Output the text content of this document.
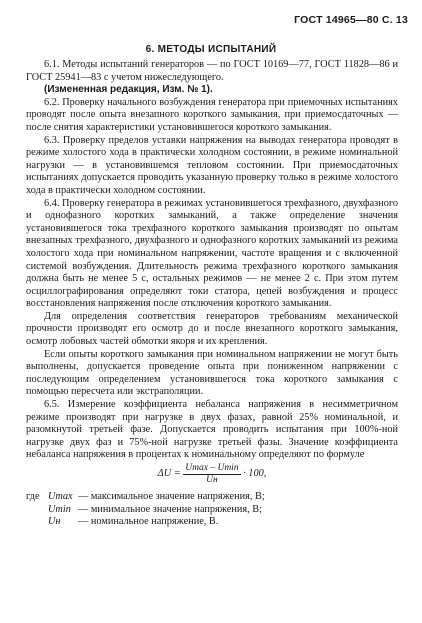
ГОСТ 14965—80 С. 13
6. МЕТОДЫ ИСПЫТАНИЙ

6.1. Методы испытаний генераторов — по ГОСТ 10169—77, ГОСТ 11828—86 и ГОСТ 25941—83 с учетом нижеследующего.

(Измененная редакция, Изм. № 1).

6.2. Проверку начального возбуждения генератора при приемочных испытаниях проводят после опыта внезапного короткого замыкания, при приемосдаточных — после снятия характеристики установившегося короткого замыкания.

6.3. Проверку пределов уставки напряжения на выводах генератора проводят в режиме холостого хода в практически холодном состоянии, в режиме номинальной нагрузки — в установившемся тепловом состоянии. При приемосдаточных испытаниях допускается проводить указанную проверку только в режиме холостого хода в практически холодном состоянии.

6.4. Проверку генератора в режимах установившегося трехфазного, двухфазного и однофазного коротких замыканий, а также определение значения установившегося тока трехфазного короткого замыкания производят по опытам внезапных трехфазного, двухфазного и однофазного коротких замыканий из режима холостого хода при номинальном напряжении, частоте вращения и с включенной системой возбуждения. Длительность режима трехфазного короткого замыкания должна быть не менее 5 с, остальных режимов — не менее 2 с. При этом путем осциллографирования определяют токи статора, цепей возбуждения и процесс восстановления напряжения после отключения короткого замыкания.

Для определения соответствия генераторов требованиям механической прочности производят его осмотр до и после внезапного короткого замыкания, осмотр лобовых частей обмотки якоря и их крепления.

Если опыты короткого замыкания при номинальном напряжении не могут быть выполнены, допускается проведение опыта при пониженном напряжении с последующим определением установившегося тока короткого замыкания с помощью пересчета или экстраполяции.

6.5. Измерение коэффициента небаланса напряжения в несимметричном режиме производят при нагрузке в двух фазах, равной 25% номинальной, и разомкнутой третьей фазе. Допускается проводить испытания при 100%-ной нагрузке двух фаз и 75%-ной нагрузке третьей фазы. Значение коэффициента небаланса напряжения в процентах к номинальному определяют по формуле

$\Delta U = \frac{Umax - Umin}{Uн} \cdot 100$,
где Umax — максимальное значение напряжения, В;
Umin — минимальное значение напряжения, В;
Uн	— номинальное напряжение, В.
